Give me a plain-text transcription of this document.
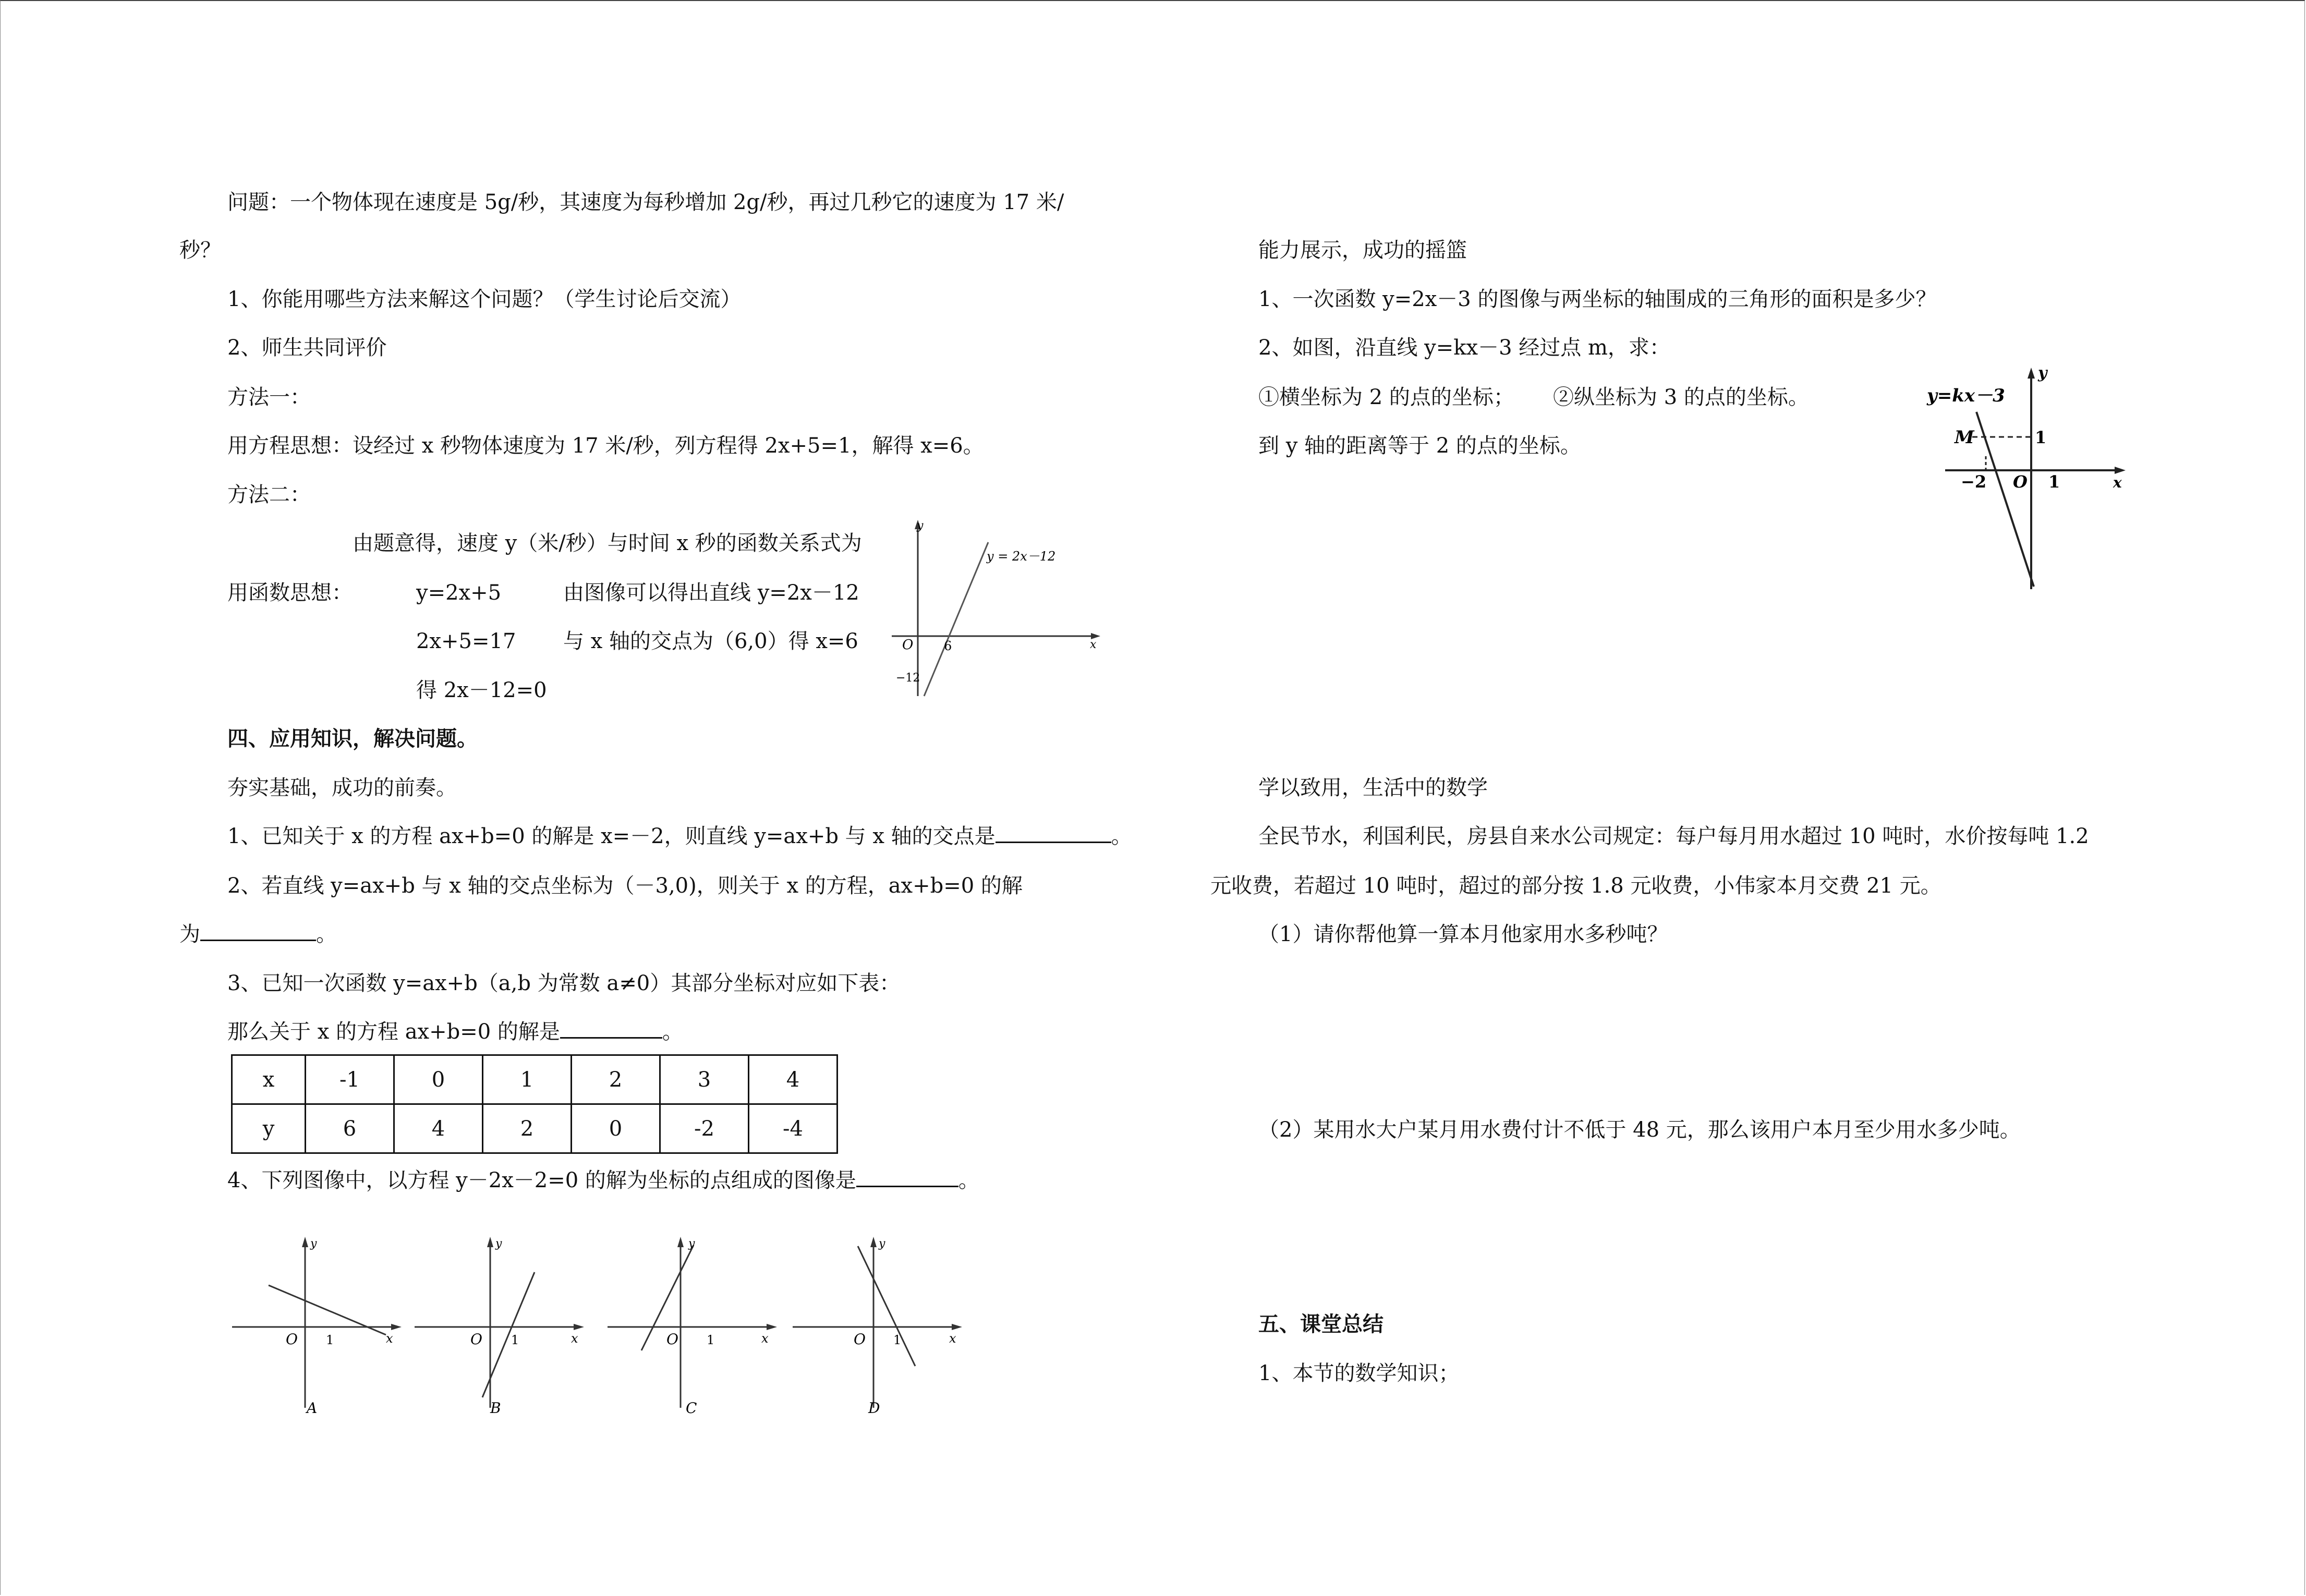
问题：一个物体现在速度是 5g/秒，其速度为每秒增加 2g/秒，再过几秒它的速度为 17 米/
秒？
1、你能用哪些方法来解这个问题？（学生讨论后交流）
2、师生共同评价
方法一：
用方程思想：设经过 x 秒物体速度为 17 米/秒，列方程得 2x+5=1，解得 x=6。
方法二：
由题意得，速度 y（米/秒）与时间 x 秒的函数关系式为
用函数思想：	y=2x+5	由图像可以得出直线 y=2x－12
2x+5=17 与 x 轴的交点为（6,0）得 x=6
得 2x－12=0
y
x
y = 2x－12
O 6
−12
四、应用知识，解决问题。
夯实基础，成功的前奏。
1、已知关于 x 的方程 ax+b=0 的解是 x=－2，则直线 y=ax+b 与 x 轴的交点是	。
2、若直线 y=ax+b 与 x 轴的交点坐标为（－3,0)，则关于 x 的方程，ax+b=0 的解
为	。
3、已知一次函数 y=ax+b（a,b 为常数 a≠0）其部分坐标对应如下表：
那么关于 x 的方程 ax+b=0 的解是	。
x	-1	0	1	2	3	4
y	6	4	2	0	-2	-4
4、下列图像中，以方程 y－2x－2=0 的解为坐标的点组成的图像是	。
y
x
O 1
A
y
x
O 1
B
y
x
O 1
C
y
x
O 1
D
能力展示，成功的摇篮
1、一次函数 y=2x－3 的图像与两坐标的轴围成的三角形的面积是多少？
2、如图，沿直线 y=kx－3 经过点 m，求：
①横坐标为 2 的点的坐标； ②纵坐标为 3 的点的坐标。
到 y 轴的距离等于 2 的点的坐标。
y=kx－3
y
x
M
O
−2	1
1
学以致用，生活中的数学
全民节水，利国利民，房县自来水公司规定：每户每月用水超过 10 吨时，水价按每吨 1.2
元收费，若超过 10 吨时，超过的部分按 1.8 元收费，小伟家本月交费 21 元。
（1）请你帮他算一算本月他家用水多秒吨？
（2）某用水大户某月用水费付计不低于 48 元，那么该用户本月至少用水多少吨。
五、课堂总结
1、本节的数学知识；
